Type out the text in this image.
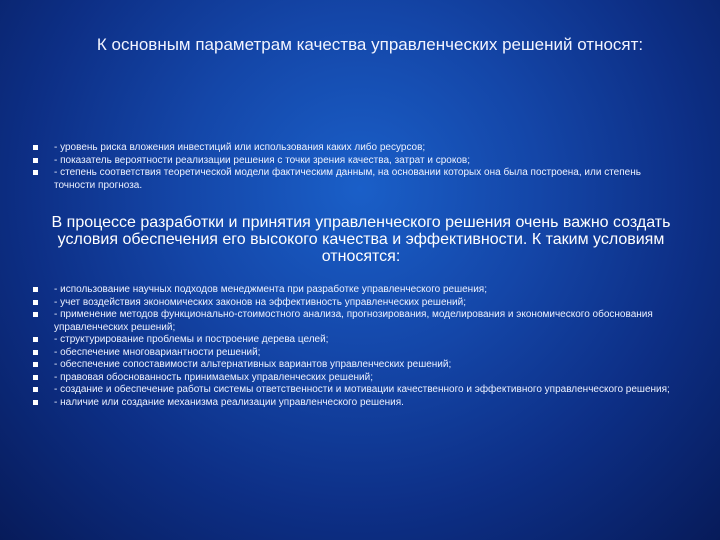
К основным параметрам качества управленческих решений относят:
- уровень риска вложения инвестиций или использования каких либо ресурсов;
- показатель вероятности реализации решения с точки зрения качества, затрат и сроков;
- степень соответствия теоретической модели фактическим данным, на основании которых она была построена, или степень точности прогноза.
В процессе разработки и принятия управленческого решения очень важно создать условия обеспечения его высокого качества и эффективности. К таким условиям относятся:
- использование научных подходов менеджмента при разработке управленческого решения;
- учет воздействия экономических законов на эффективность управленческих решений;
- применение методов функционально-стоимостного анализа, прогнозирования, моделирования и экономического обоснования управленческих решений;
- структурирование проблемы и построение дерева целей;
- обеспечение многовариантности решений;
- обеспечение сопоставимости альтернативных вариантов управленческих решений;
- правовая обоснованность принимаемых управленческих решений;
- создание и обеспечение работы системы ответственности и мотивации качественного и эффективного управленческого решения;
- наличие или создание механизма реализации управленческого решения.
